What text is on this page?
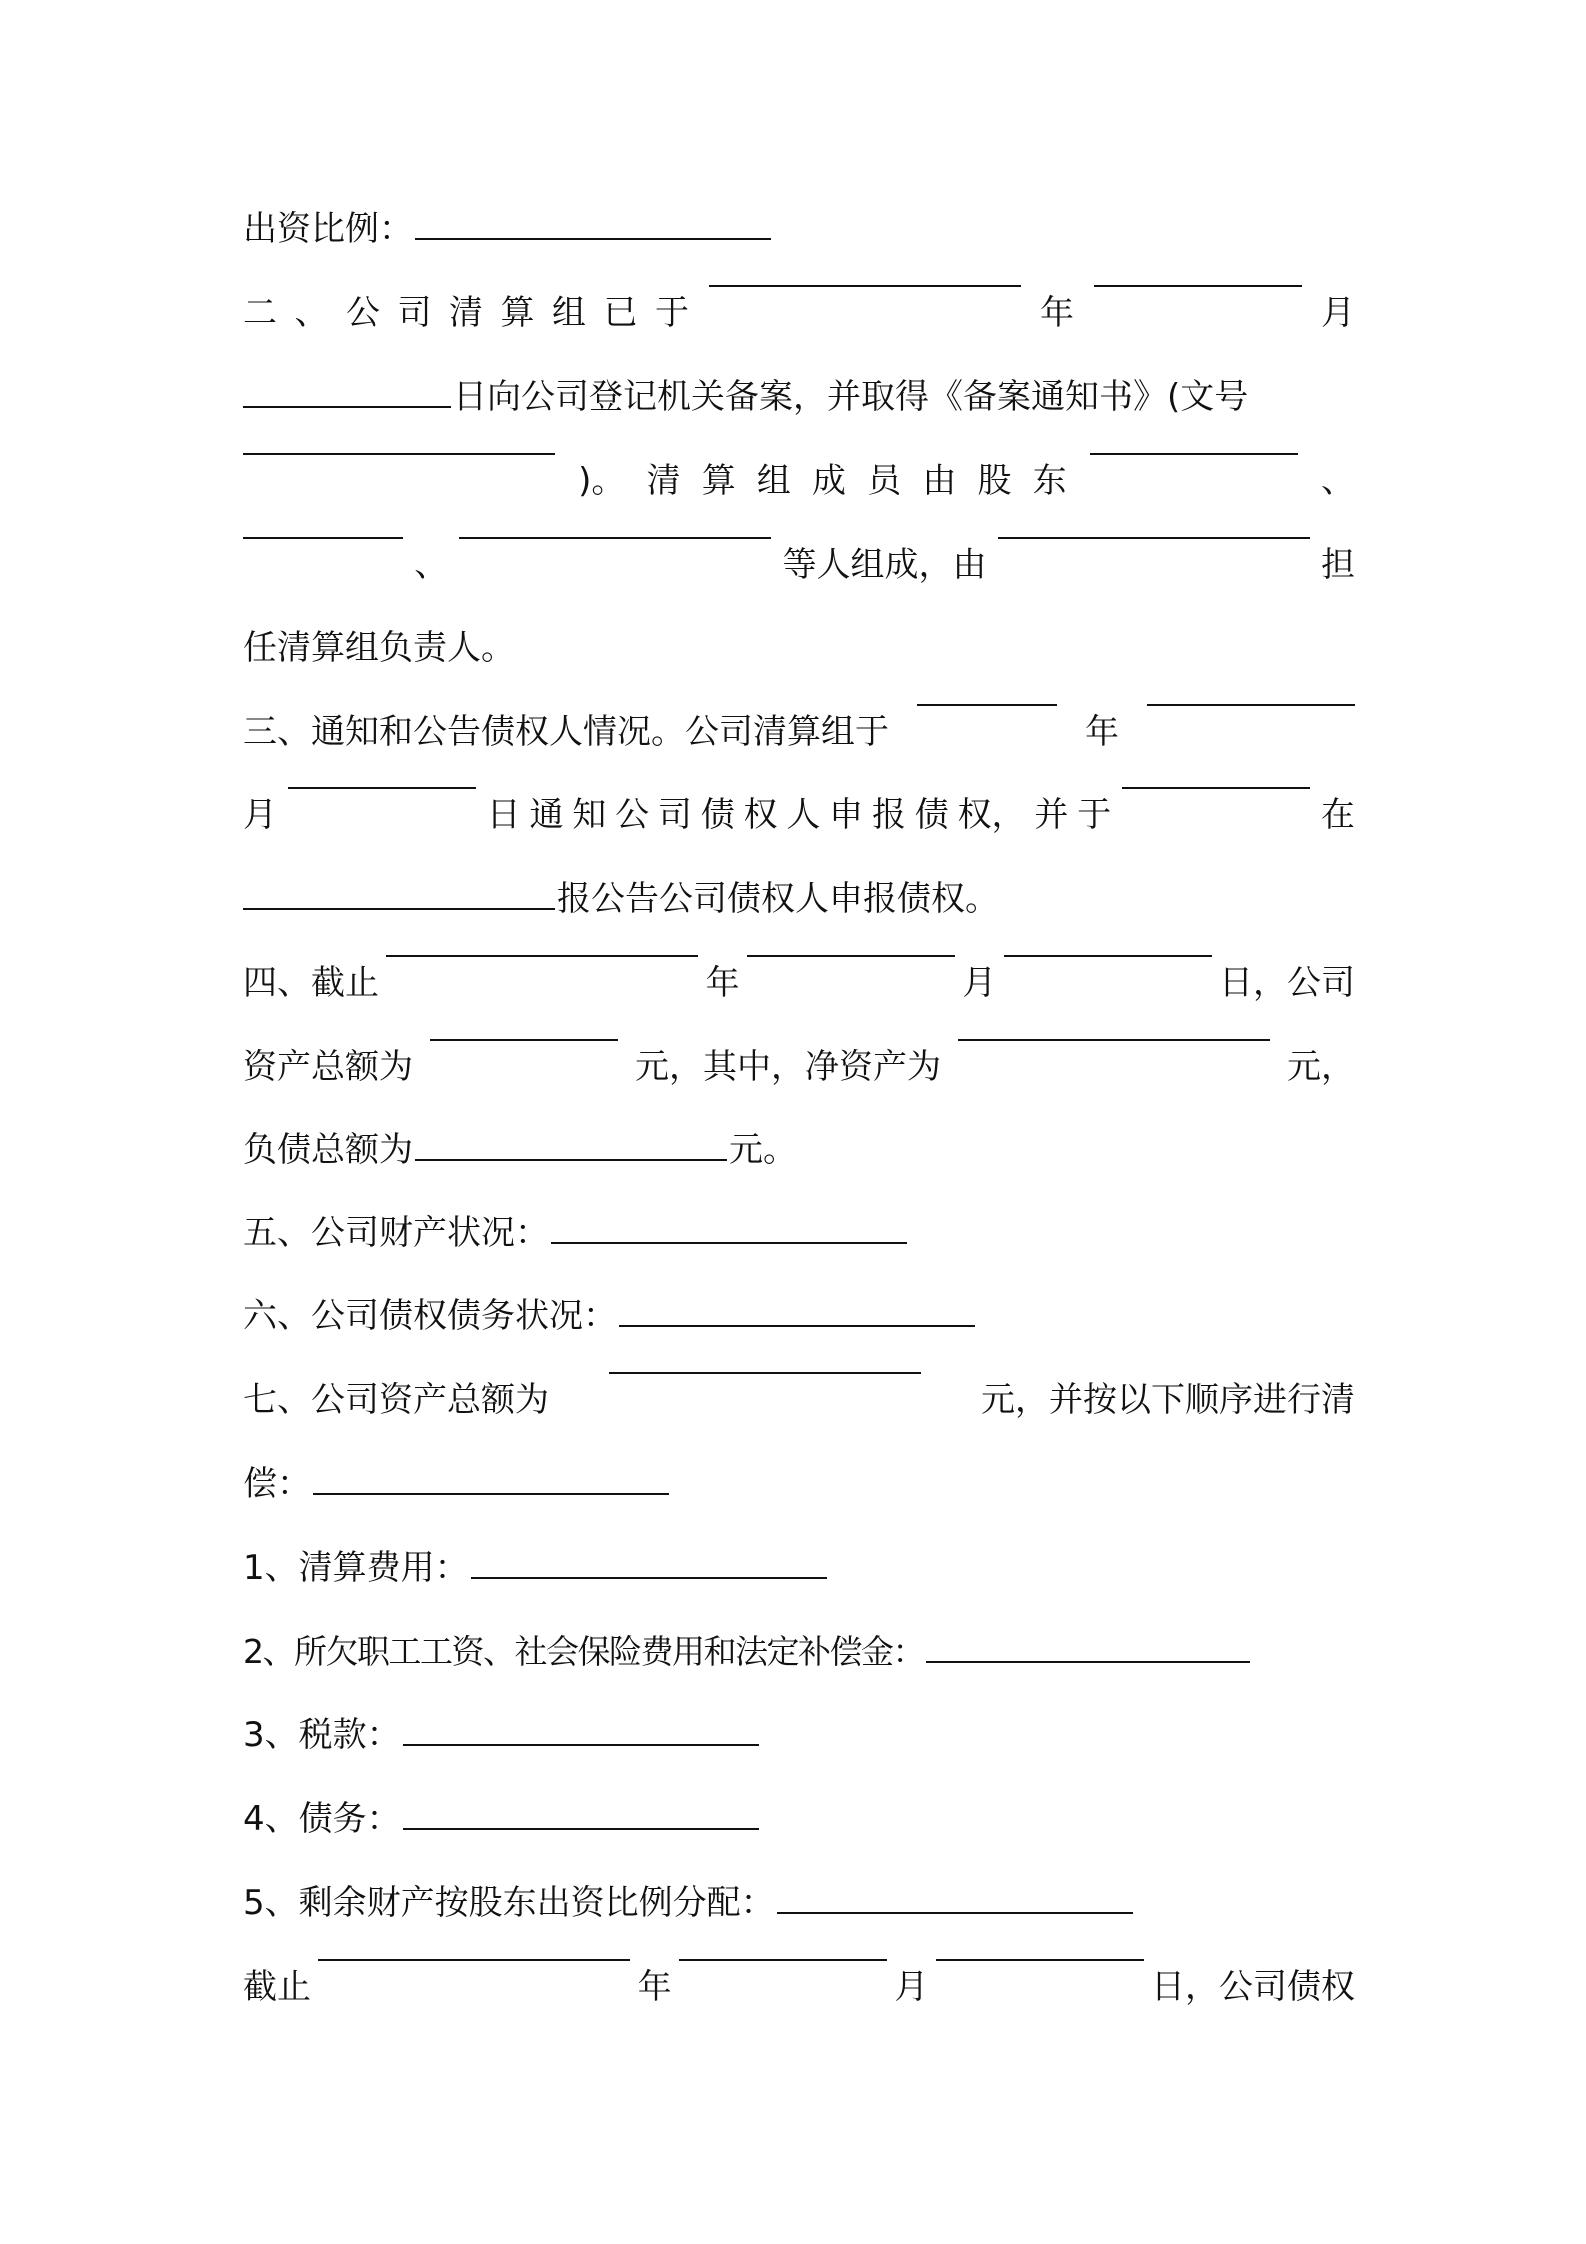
出资比例：
二 、 公 司 清 算 组 已 于	年	月
日向公司登记机关备案，并取得《备案通知书》(文号
)。 清 算 组 成 员 由 股 东	、
、	等人组成，由	担
任清算组负责人。
三、通知和公告债权人情况。公司清算组于	年
月	日 通 知 公 司 债 权 人 申 报 债 权， 并 于	在
报公告公司债权人申报债权。
四、截止	年	月	日，公司
资产总额为	元，其中，净资产为	元，
负债总额为	元。
五、公司财产状况：
六、公司债权债务状况：
七、公司资产总额为	元，并按以下顺序进行清
偿：
1、清算费用：
2、所欠职工工资、社会保险费用和法定补偿金：
3、税款：
4、债务：
5、剩余财产按股东出资比例分配：
截止	年	月	日，公司债权
